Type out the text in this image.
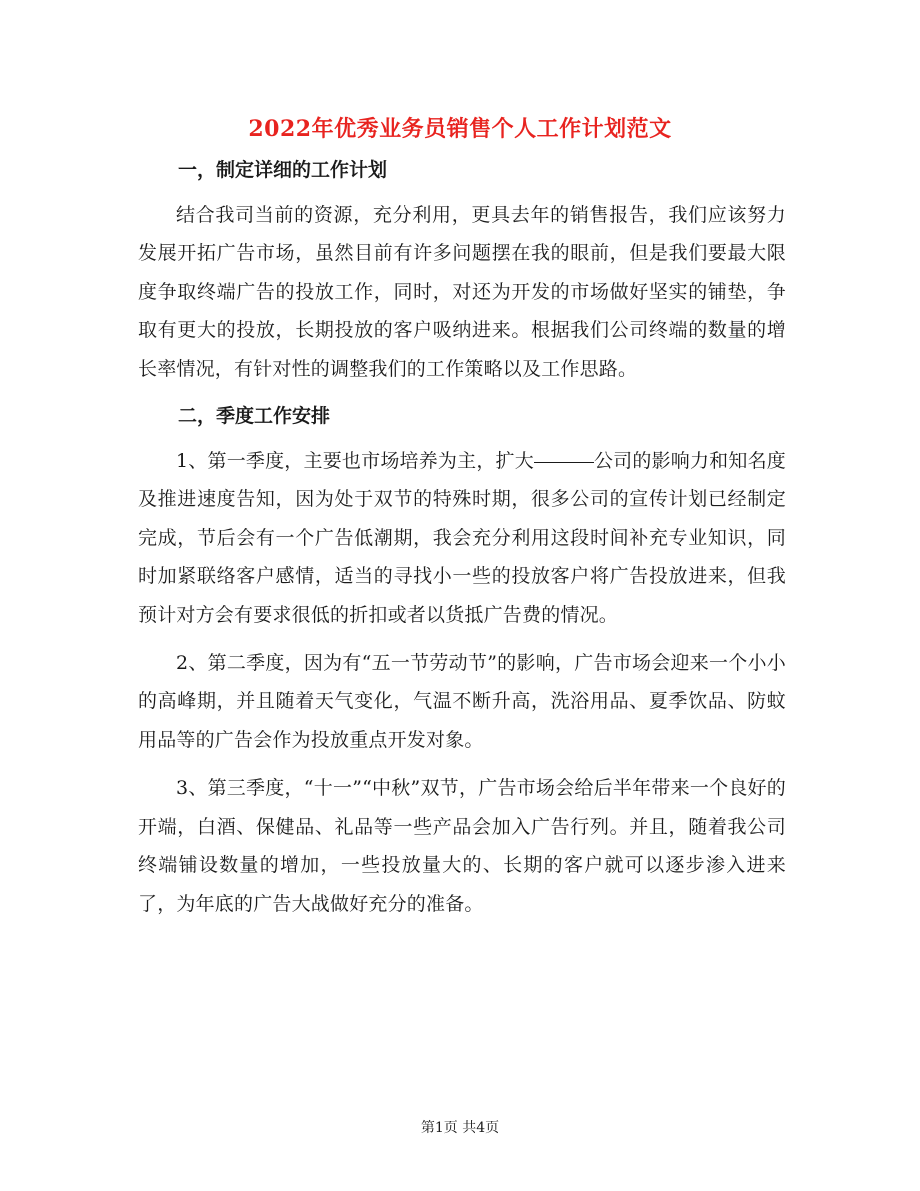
2022年优秀业务员销售个人工作计划范文
一，制定详细的工作计划

结合我司当前的资源，充分利用，更具去年的销售报告，我们应该努力发展开拓广告市场，虽然目前有许多问题摆在我的眼前，但是我们要最大限度争取终端广告的投放工作，同时，对还为开发的市场做好坚实的铺垫，争取有更大的投放，长期投放的客户吸纳进来。根据我们公司终端的数量的增长率情况，有针对性的调整我们的工作策略以及工作思路。

二，季度工作安排

1、第一季度，主要也市场培养为主，扩大	公司的影响力和知名度及推进速度告知，因为处于双节的特殊时期，很多公司的宣传计划已经制定完成，节后会有一个广告低潮期，我会充分利用这段时间补充专业知识，同时加紧联络客户感情，适当的寻找小一些的投放客户将广告投放进来，但我预计对方会有要求很低的折扣或者以货抵广告费的情况。

2、第二季度，因为有“五一节劳动节”的影响，广告市场会迎来一个小小的高峰期，并且随着天气变化，气温不断升高，洗浴用品、夏季饮品、防蚊用品等的广告会作为投放重点开发对象。

3、第三季度，“十一”“中秋”双节，广告市场会给后半年带来一个良好的开端，白酒、保健品、礼品等一些产品会加入广告行列。并且，随着我公司终端铺设数量的增加，一些投放量大的、长期的客户就可以逐步渗入进来了，为年底的广告大战做好充分的准备。

第1页 共4页
